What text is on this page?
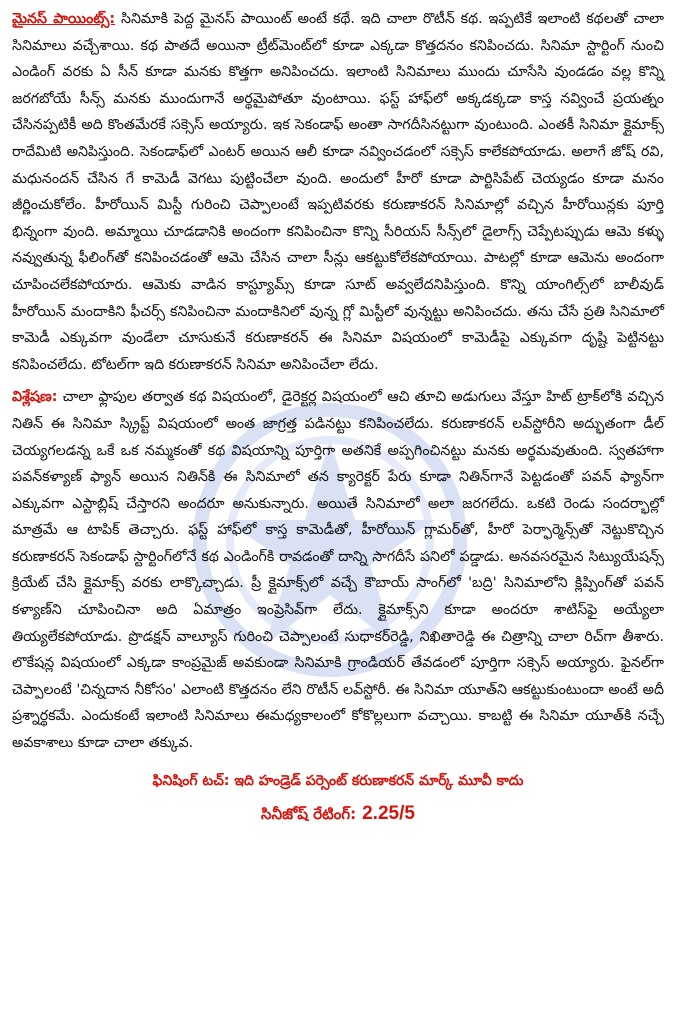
మైనస్ పాయింట్స్: సినిమాకి పెద్ద మైనస్ పాయింట్ అంటే కథే. ఇది చాలా రొటీన్ కథ. ఇప్పటికే ఇలాంటి కథలతో చాలా సినిమాలు వచ్చేశాయి. కథ పాతదే అయినా ట్రీట్‌మెంట్‌లో కూడా ఎక్కడా కొత్తదనం కనిపించదు. సినిమా స్టార్టింగ్ నుంచి ఎండింగ్ వరకు ఏ సీన్ కూడా మనకు కొత్తగా అనిపించదు. ఇలాంటి సినిమాలు ముందు చూసేసి వుండడం వల్ల కొన్ని జరగబోయే సీన్స్ మనకు ముందుగానే అర్థమైపోతూ వుంటాయి. ఫస్ట్ హాఫ్‌లో అక్కడక్కడా కాస్త నవ్వించే ప్రయత్నం చేసినప్పటికీ అది కొంతమేరకే సక్సెస్ అయ్యారు. ఇక సెకండాఫ్ అంతా సాగదీసినట్టుగా వుంటుంది. ఎంతకీ సినిమా క్లైమాక్స్ రాదేమిటి అనిపిస్తుంది. సెకండాఫ్‌లో ఎంటర్ అయిన ఆలీ కూడా నవ్వించడంలో సక్సెస్ కాలేకపోయాడు. అలాగే జోష్ రవి, మధునందన్ చేసిన గే కామెడీ వెగటు పుట్టించేలా వుంది. అందులో హీరో కూడా పార్టిసిపేట్ చెయ్యడం కూడా మనం జీర్ణించుకోలేం. హీరోయిన్ మిస్టీ గురించి చెప్పాలంటే ఇప్పటివరకు కరుణాకరన్ సినిమాల్లో వచ్చిన హీరోయిన్లకు పూర్తి భిన్నంగా వుంది. అమ్మాయి చూడడానికి అందంగా కనిపించినా కొన్ని సీరియస్ సీన్స్‌లో డైలాగ్స్ చెప్పేటప్పుడు ఆమె కళ్ళు నవ్వుతున్న ఫీలింగ్‌తో కనిపించడంతో ఆమె చేసిన చాలా సీన్లు ఆకట్టుకోలేకపోయాయి. పాటల్లో కూడా ఆమెను అందంగా చూపించలేకపోయారు. ఆమెకు వాడిన కాస్ట్యూమ్స్ కూడా సూట్ అవ్వలేదనిపిస్తుంది. కొన్ని యాంగిల్స్‌లో బాలీవుడ్ హీరోయిన్ మందాకిని ఫీచర్స్ కనిపించినా మందాకినిలో వున్న గ్లో మిస్టీలో వున్నట్టు అనిపించదు. తను చేసే ప్రతి సినిమాలో కామెడీ ఎక్కువగా వుండేలా చూసుకునే కరుణాకరన్ ఈ సినిమా విషయంలో కామెడీపై ఎక్కువగా దృష్టి పెట్టినట్టు కనిపించలేదు. టోటల్‌గా ఇది కరుణాకరన్ సినిమా అనిపించేలా లేదు.

విశ్లేషణ: చాలా ఫ్లాపుల తర్వాత కథ విషయంలో, డైరెక్టర్ల విషయంలో ఆచి తూచి అడుగులు వేస్తూ హిట్ ట్రాక్‌లోకి వచ్చిన నితిన్ ఈ సినిమా స్క్రిప్ట్ విషయంలో అంత జాగ్రత్త పడినట్టు కనిపించలేదు. కరుణాకరన్ లవ్‌స్టోరీని అద్భుతంగా డీల్ చెయ్యగలడన్న ఒకే ఒక నమ్మకంతో కథ విషయాన్ని పూర్తిగా అతనికే అప్పగించినట్టు మనకు అర్థమవుతుంది. స్వతహాగా పవన్‌కళ్యాణ్ ఫ్యాన్ అయిన నితిన్‌కి ఈ సినిమాలో తన క్యారెక్టర్ పేరు కూడా నితిన్‌గానే పెట్టడంతో పవన్ ఫ్యాన్‌గా ఎక్కువగా ఎస్టాబ్లిష్ చేస్తారని అందరూ అనుకున్నారు. అయితే సినిమాలో అలా జరగలేదు. ఒకటి రెండు సందర్భాల్లో మాత్రమే ఆ టాపిక్ తెచ్చారు. ఫస్ట్ హాఫ్‌లో కాస్త కామెడీతో, హీరోయిన్ గ్లామర్‌తో, హీరో పెర్ఫార్మెన్స్‌తో నెట్టుకొచ్చిన కరుణాకరన్ సెకండాఫ్ స్టార్టింగ్‌లోనే కథ ఎండింగ్‌కి రావడంతో దాన్ని సాగదీసే పనిలో పడ్డాడు. అనవసరమైన సిట్యుయేషన్స్ క్రియేట్ చేసి క్లైమాక్స్ వరకు లాక్కొచ్చాడు. ప్రీ క్లైమాక్స్‌లో వచ్చే కౌబాయ్ సాంగ్‌లో 'బద్రి' సినిమాలోని క్లిప్పింగ్‌తో పవన్ కళ్యాణ్‌ని చూపించినా అది ఏమాత్రం ఇంప్రెసివ్‌గా లేదు. క్లైమాక్స్‌ని కూడా అందరూ శాటిస్‌ఫై అయ్యేలా తియ్యలేకపోయాడు. ప్రొడక్షన్ వాల్యూస్ గురించి చెప్పాలంటే సుధాకర్‌రెడ్డి, నిఖితారెడ్డి ఈ చిత్రాన్ని చాలా రిచ్‌గా తీశారు. లొకేషన్ల విషయంలో ఎక్కడా కాంప్రమైజ్ అవకుండా సినిమాకి గ్రాండియర్ తేవడంలో పూర్తిగా సక్సెస్ అయ్యారు. ఫైనల్‌గా చెప్పాలంటే 'చిన్నదాన నీకోసం' ఎలాంటి కొత్తదనం లేని రొటీన్ లవ్‌స్టోరీ. ఈ సినిమా యూత్‌ని ఆకట్టుకుంటుందా అంటే అదీ ప్రశ్నార్థకమే. ఎందుకంటే ఇలాంటి సినిమాలు ఈమధ్యకాలంలో కోకొల్లలుగా వచ్చాయి. కాబట్టి ఈ సినిమా యూత్‌కి నచ్చే అవకాశాలు కూడా చాలా తక్కువ.

ఫినిషింగ్ టచ్: ఇది హండ్రెడ్ పర్సెంట్ కరుణాకరన్ మార్క్ మూవీ కాదు
సినీజోష్ రేటింగ్: 2.25/5
